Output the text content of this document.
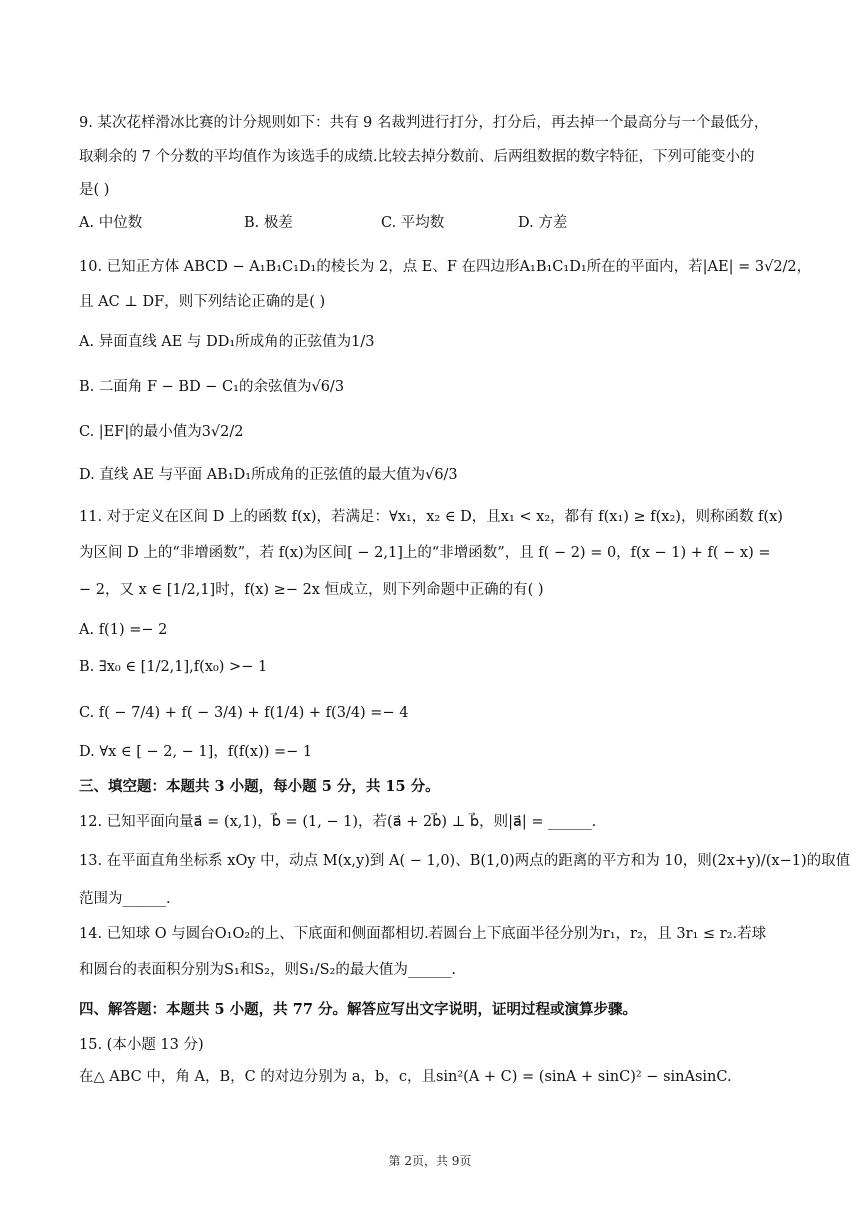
9. 某次花样滑冰比赛的计分规则如下：共有 9 名裁判进行打分，打分后，再去掉一个最高分与一个最低分，
取剩余的 7 个分数的平均值作为该选手的成绩.比较去掉分数前、后两组数据的数字特征，下列可能变小的
是( )
A. 中位数	B. 极差	C. 平均数	D. 方差
10. 已知正方体 ABCD − A₁B₁C₁D₁的棱长为 2，点 E、F 在四边形A₁B₁C₁D₁所在的平面内，若|AE| = 3√2/2，
且 AC ⊥ DF，则下列结论正确的是( )
A. 异面直线 AE 与 DD₁所成角的正弦值为1/3
B. 二面角 F − BD − C₁的余弦值为√6/3
C. |EF|的最小值为3√2/2
D. 直线 AE 与平面 AB₁D₁所成角的正弦值的最大值为√6/3
11. 对于定义在区间 D 上的函数 f(x)，若满足：∀x₁，x₂ ∈ D，且x₁ < x₂，都有 f(x₁) ≥ f(x₂)，则称函数 f(x)
为区间 D 上的“非增函数”，若 f(x)为区间[ − 2,1]上的“非增函数”，且 f( − 2) = 0，f(x − 1) + f( − x) =
− 2，又 x ∈ [1/2,1]时，f(x) ≥− 2x 恒成立，则下列命题中正确的有( )
A. f(1) =− 2
B. ∃x₀ ∈ [1/2,1],f(x₀) >− 1
C. f( − 7/4) + f( − 3/4) + f(1/4) + f(3/4) =− 4
D. ∀x ∈ [ − 2, − 1]，f(f(x)) =− 1
三、填空题：本题共 3 小题，每小题 5 分，共 15 分。
12. 已知平面向量a⃗ = (x,1)，b⃗ = (1, − 1)，若(a⃗ + 2b⃗) ⊥ b⃗，则|a⃗| = ______.
13. 在平面直角坐标系 xOy 中，动点 M(x,y)到 A( − 1,0)、B(1,0)两点的距离的平方和为 10，则(2x+y)/(x−1)的取值
范围为______.
14. 已知球 O 与圆台O₁O₂的上、下底面和侧面都相切.若圆台上下底面半径分别为r₁，r₂，且 3r₁ ≤ r₂.若球
和圆台的表面积分别为S₁和S₂，则S₁/S₂的最大值为______.
四、解答题：本题共 5 小题，共 77 分。解答应写出文字说明，证明过程或演算步骤。
15. (本小题 13 分)
在△ ABC 中，角 A，B，C 的对边分别为 a，b，c，且sin²(A + C) = (sinA + sinC)² − sinAsinC.
第 2页，共 9页
